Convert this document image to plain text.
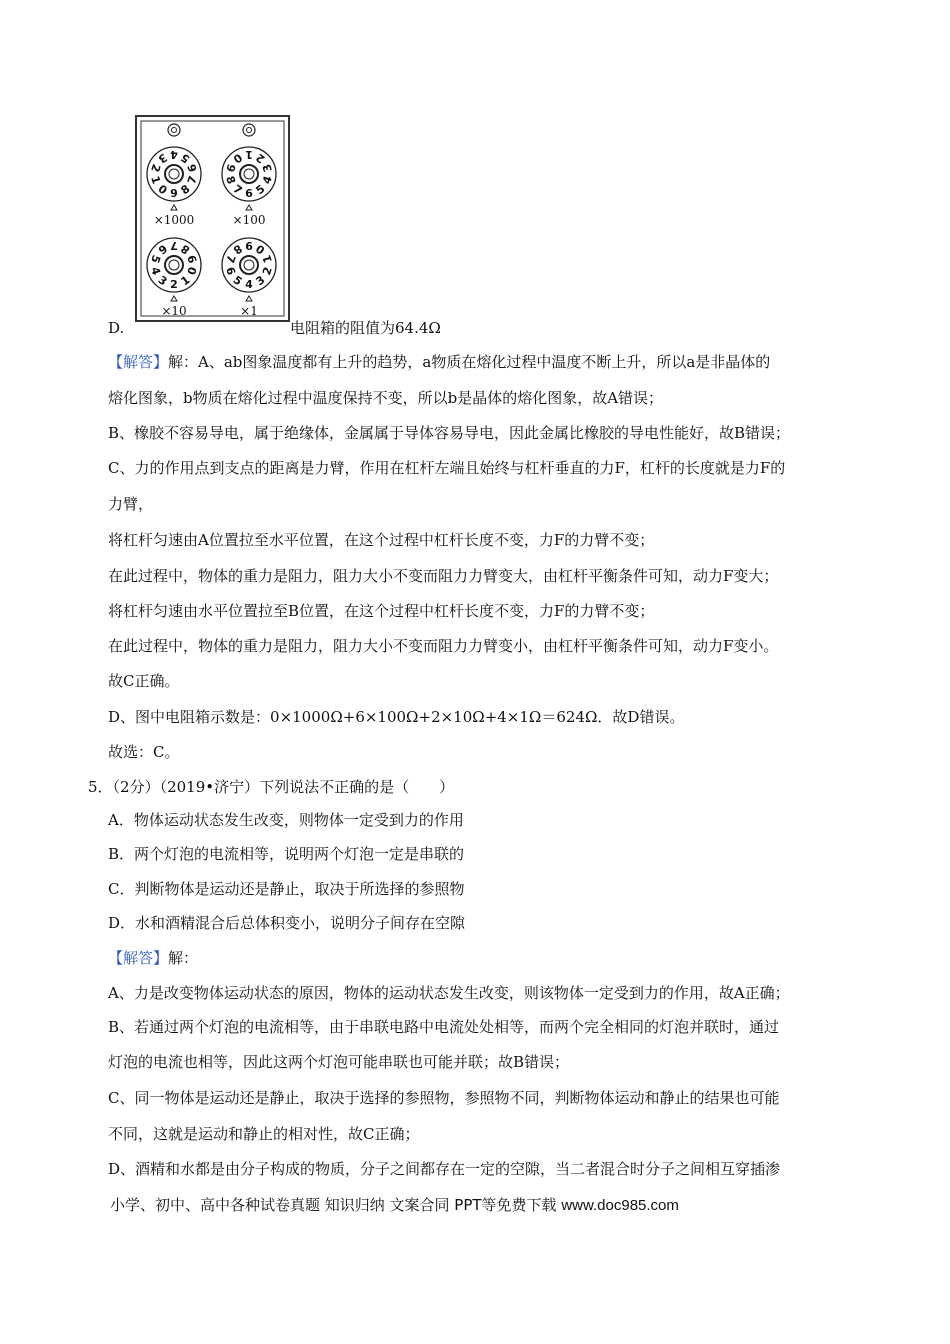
9
0
1
2
3 4 5
6
7
8
×1000
6
7
8
9
0 1 2
3
4
5
×100
2
3
4
5
6 7 8
9
0
1
×10
4
5
6
7
8 9 0
1
2
3
×1
D.	电阻箱的阻值为64.4Ω
【解答】解：A、ab图象温度都有上升的趋势，a物质在熔化过程中温度不断上升，所以a是非晶体的
熔化图象，b物质在熔化过程中温度保持不变，所以b是晶体的熔化图象，故A错误；
B、橡胶不容易导电，属于绝缘体，金属属于导体容易导电，因此金属比橡胶的导电性能好，故B错误；
C、力的作用点到支点的距离是力臂，作用在杠杆左端且始终与杠杆垂直的力F，杠杆的长度就是力F的
力臂，
将杠杆匀速由A位置拉至水平位置，在这个过程中杠杆长度不变，力F的力臂不变；
在此过程中，物体的重力是阻力，阻力大小不变而阻力力臂变大，由杠杆平衡条件可知，动力F变大；
将杠杆匀速由水平位置拉至B位置，在这个过程中杠杆长度不变，力F的力臂不变；
在此过程中，物体的重力是阻力，阻力大小不变而阻力力臂变小，由杠杆平衡条件可知，动力F变小。
故C正确。
D、图中电阻箱示数是：0×1000Ω+6×100Ω+2×10Ω+4×1Ω＝624Ω．故D错误。
故选：C。
5．（2分）（2019•济宁）下列说法不正确的是（　　）
A．物体运动状态发生改变，则物体一定受到力的作用
B．两个灯泡的电流相等，说明两个灯泡一定是串联的
C．判断物体是运动还是静止，取决于所选择的参照物
D．水和酒精混合后总体积变小，说明分子间存在空隙
【解答】解：
A、力是改变物体运动状态的原因，物体的运动状态发生改变，则该物体一定受到力的作用，故A正确；
B、若通过两个灯泡的电流相等，由于串联电路中电流处处相等，而两个完全相同的灯泡并联时，通过
灯泡的电流也相等，因此这两个灯泡可能串联也可能并联；故B错误；
C、同一物体是运动还是静止，取决于选择的参照物，参照物不同，判断物体运动和静止的结果也可能
不同，这就是运动和静止的相对性，故C正确；
D、酒精和水都是由分子构成的物质，分子之间都存在一定的空隙，当二者混合时分子之间相互穿插渗
小学、初中、高中各种试卷真题 知识归纳 文案合同 PPT等免费下载 www.doc985.com
